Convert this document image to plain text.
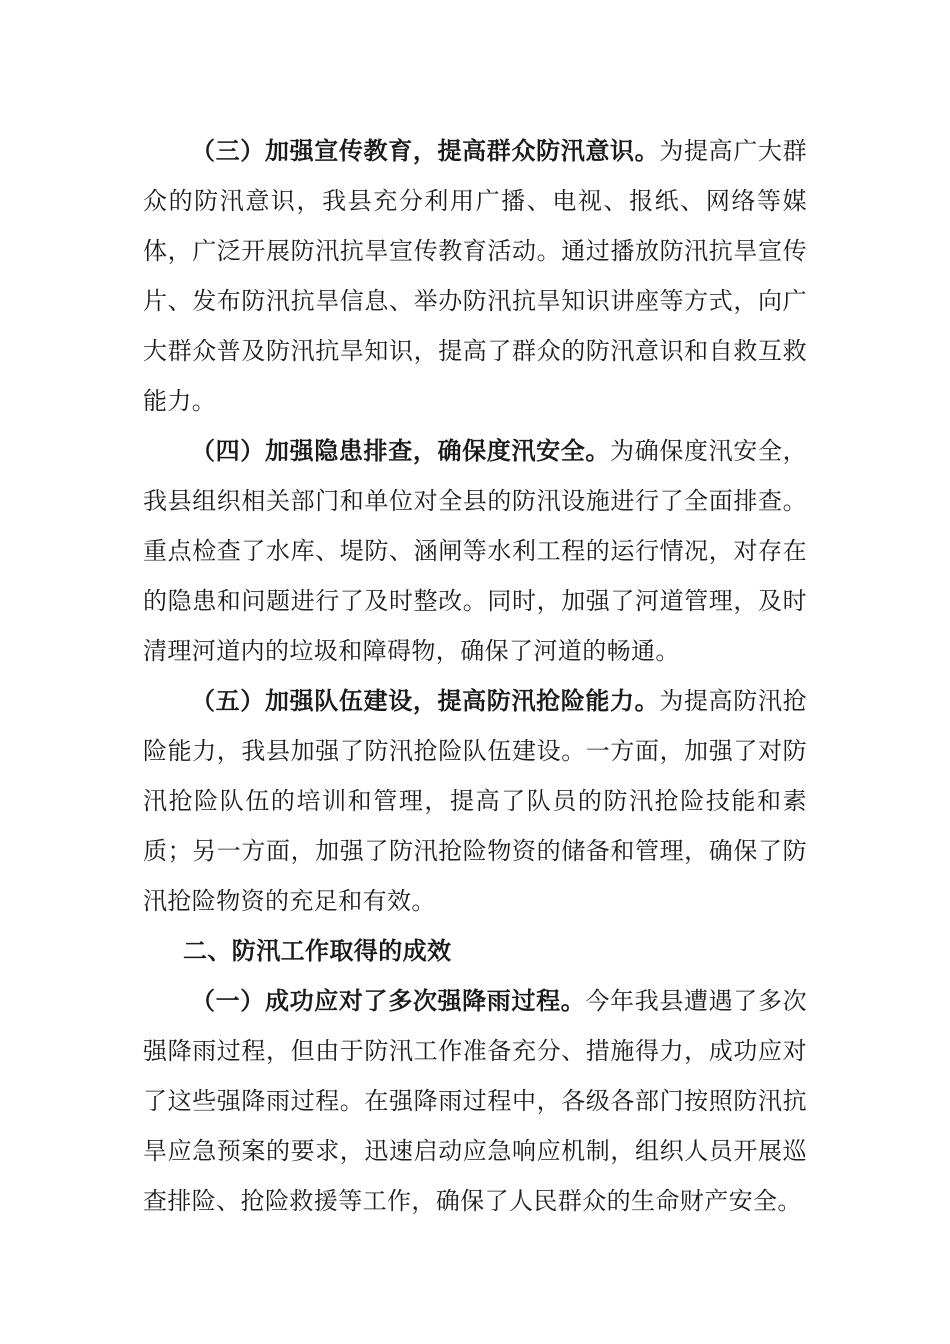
（三）加强宣传教育，提高群众防汛意识。为提高广大群众的防汛意识，我县充分利用广播、电视、报纸、网络等媒体，广泛开展防汛抗旱宣传教育活动。通过播放防汛抗旱宣传片、发布防汛抗旱信息、举办防汛抗旱知识讲座等方式，向广大群众普及防汛抗旱知识，提高了群众的防汛意识和自救互救能力。

（四）加强隐患排查，确保度汛安全。为确保度汛安全，我县组织相关部门和单位对全县的防汛设施进行了全面排查。重点检查了水库、堤防、涵闸等水利工程的运行情况，对存在的隐患和问题进行了及时整改。同时，加强了河道管理，及时清理河道内的垃圾和障碍物，确保了河道的畅通。

（五）加强队伍建设，提高防汛抢险能力。为提高防汛抢险能力，我县加强了防汛抢险队伍建设。一方面，加强了对防汛抢险队伍的培训和管理，提高了队员的防汛抢险技能和素质；另一方面，加强了防汛抢险物资的储备和管理，确保了防汛抢险物资的充足和有效。

二、防汛工作取得的成效

（一）成功应对了多次强降雨过程。今年我县遭遇了多次强降雨过程，但由于防汛工作准备充分、措施得力，成功应对了这些强降雨过程。在强降雨过程中，各级各部门按照防汛抗旱应急预案的要求，迅速启动应急响应机制，组织人员开展巡查排险、抢险救援等工作，确保了人民群众的生命财产安全。
